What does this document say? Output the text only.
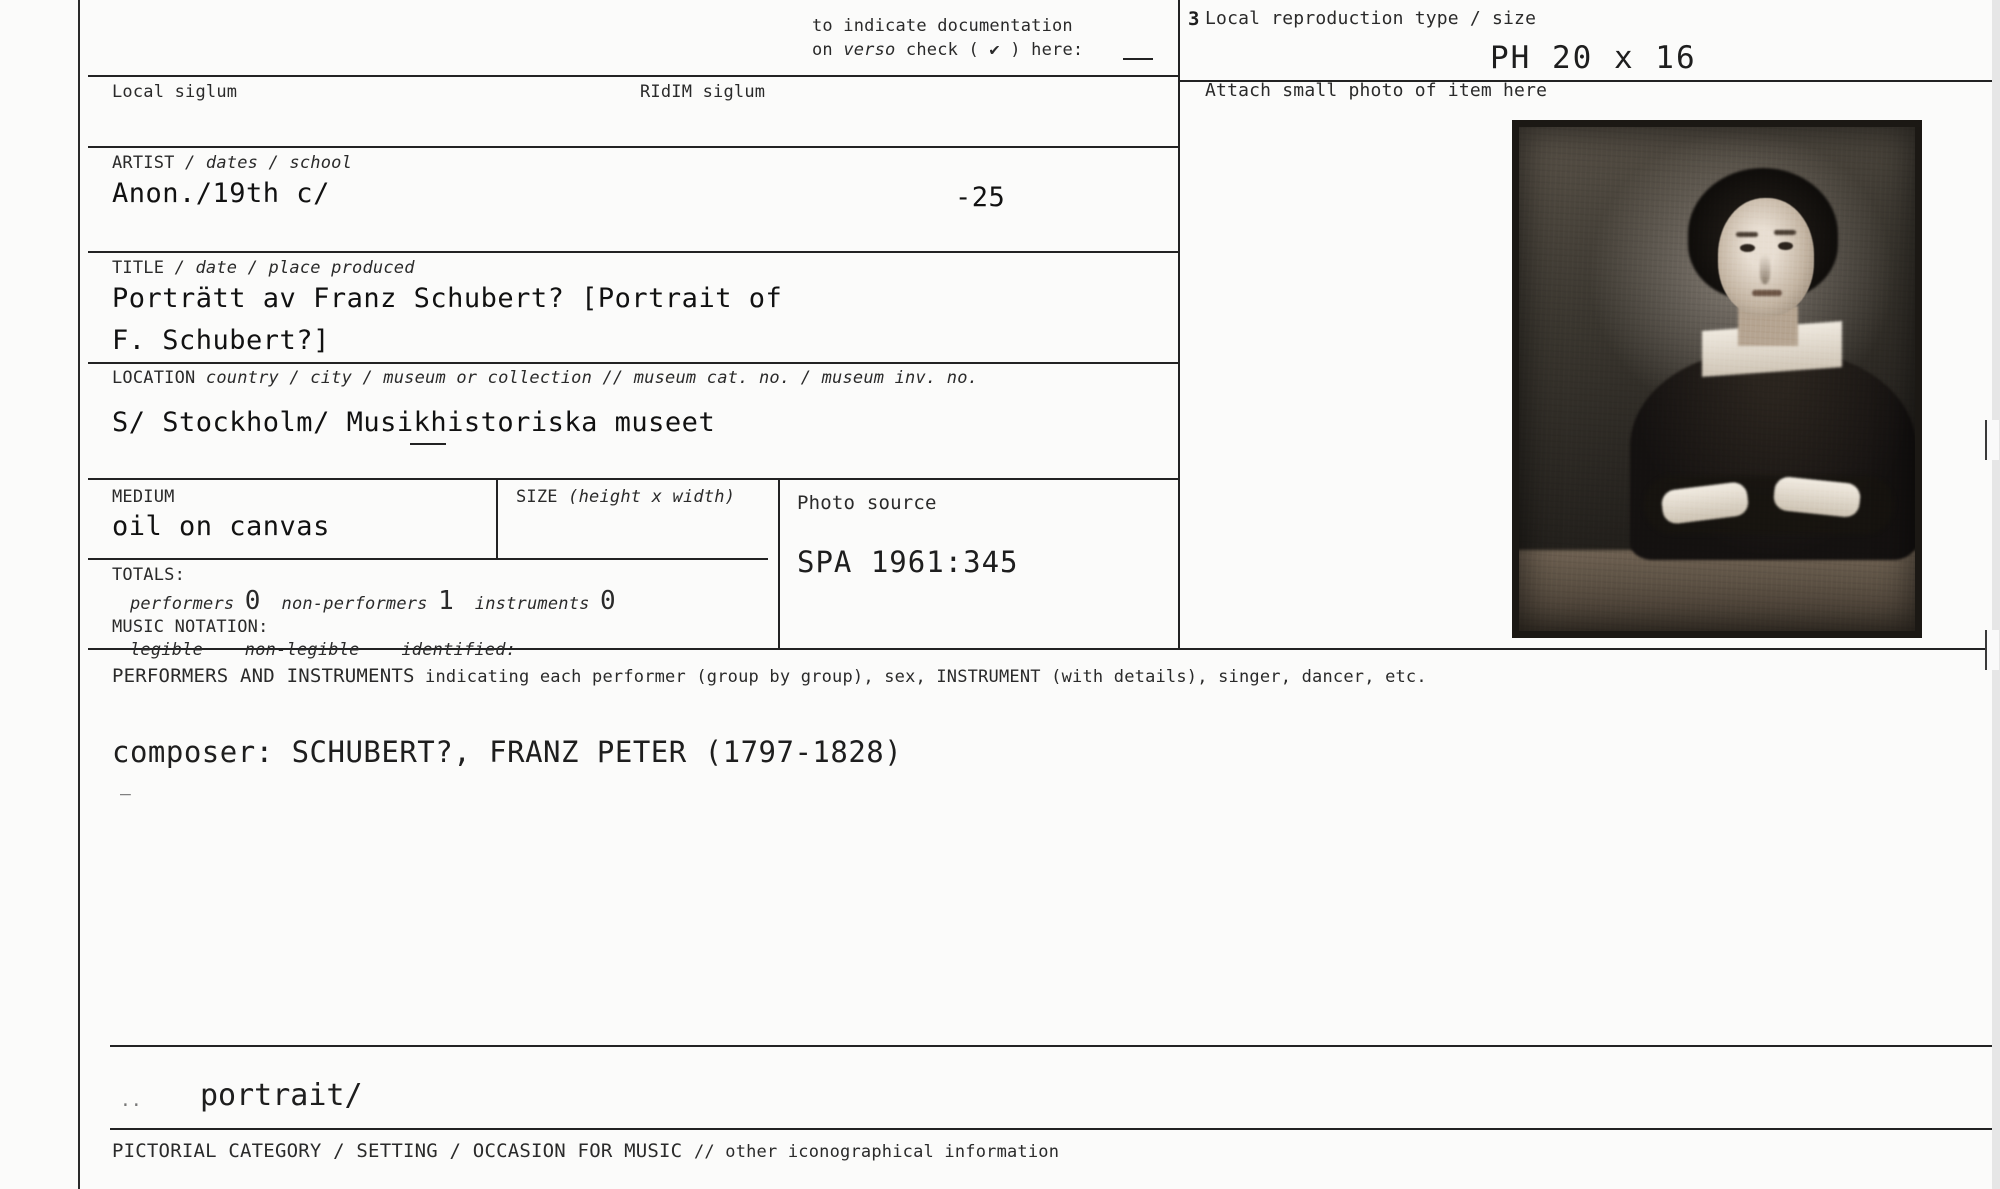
to indicate documentation
on verso check ( ✔ ) here:
3 Local reproduction type / size
PH 20 x 16
Attach small photo of item here
Local siglum	RIdIM siglum
ARTIST / dates / school
Anon./19th c/	-25
TITLE / date / place produced
Porträtt av Franz Schubert? [Portrait of
F. Schubert?]
LOCATION country / city / museum or collection // museum cat. no. / museum inv. no.
S/ Stockholm/ Musikhistoriska museet
MEDIUM
oil on canvas
SIZE (height x width)	Photo source
SPA 1961:345
TOTALS:
performers 0 non-performers 1 instruments 0
MUSIC NOTATION:
legible non-legible identified:
PERFORMERS AND INSTRUMENTS indicating each performer (group by group), sex, INSTRUMENT (with details), singer, dancer, etc.
composer: SCHUBERT?, FRANZ PETER (1797-1828)
_
.. portrait/
PICTORIAL CATEGORY / SETTING / OCCASION FOR MUSIC // other iconographical information
